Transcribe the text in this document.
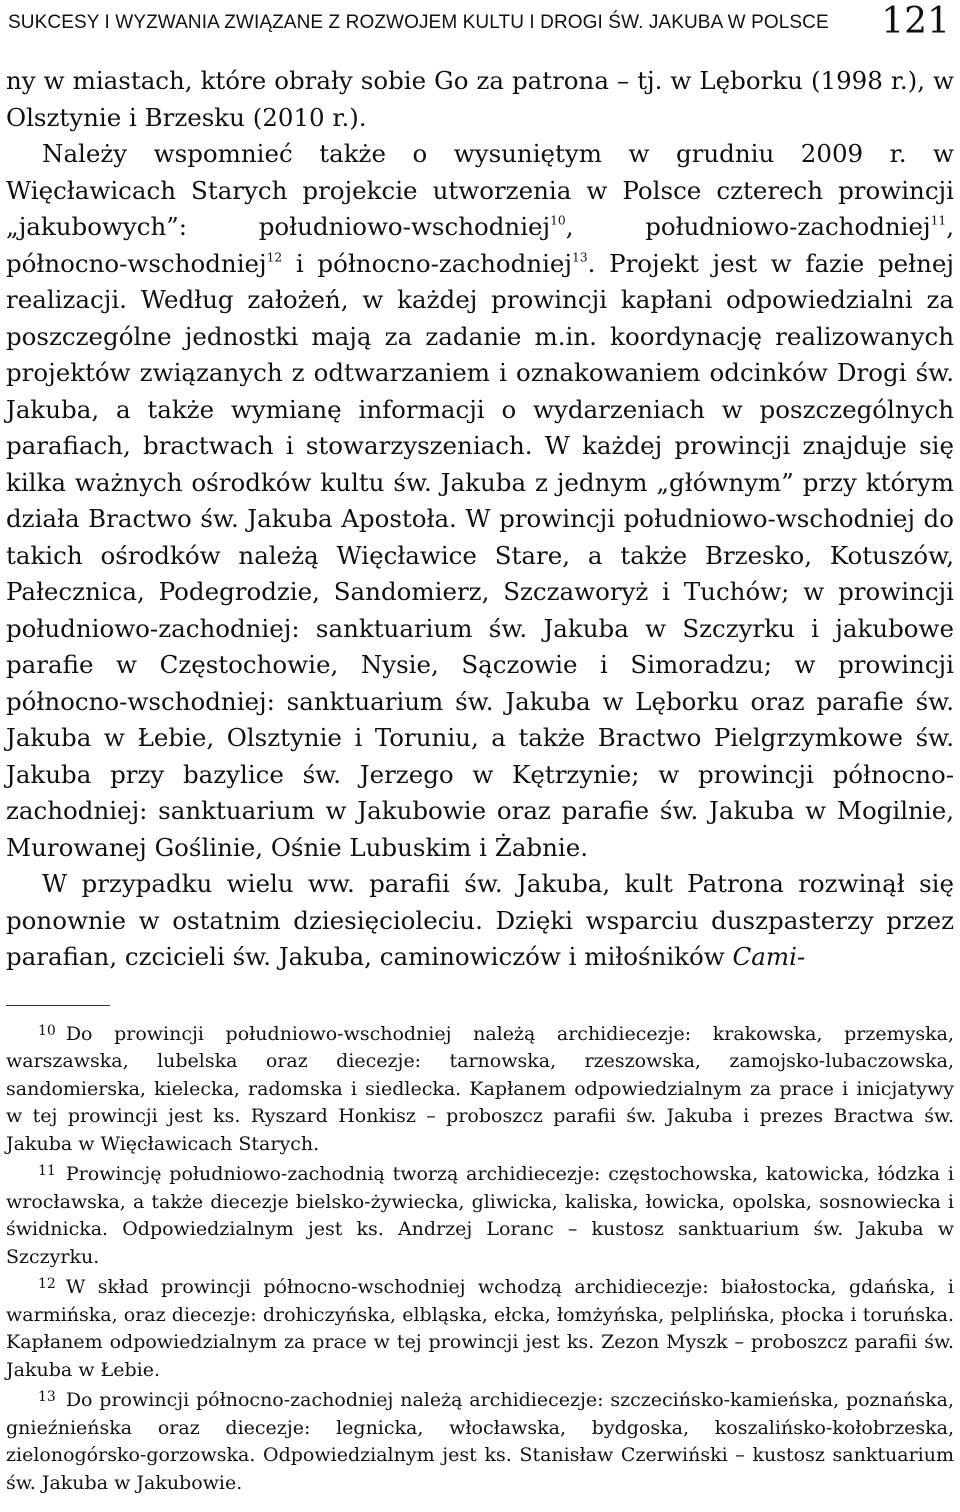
SUKCESY I WYZWANIA ZWIĄZANE Z ROZWOJEM KULTU I DROGI ŚW. JAKUBA W POLSCE 121

ny w miastach, które obrały sobie Go za patrona – tj. w Lęborku (1998 r.), w Olsztynie i Brzesku (2010 r.).

Należy wspomnieć także o wysuniętym w grudniu 2009 r. w Więcławicach Starych projekcie utworzenia w Polsce czterech prowincji „jakubowych”: południowo-wschodniej$^{10}$, południowo-zachodniej$^{11}$, północno-wschodniej$^{12}$ i północno-zachodniej$^{13}$. Projekt jest w fazie pełnej realizacji. Według założeń, w każdej prowincji kapłani odpowiedzialni za poszczególne jednostki mają za zadanie m.in. koordynację realizowanych projektów związanych z odtwarzaniem i oznakowaniem odcinków Drogi św. Jakuba, a także wymianę informacji o wydarzeniach w poszczególnych parafiach, bractwach i stowarzyszeniach. W każdej prowincji znajduje się kilka ważnych ośrodków kultu św. Jakuba z jednym „głównym” przy którym działa Bractwo św. Jakuba Apostoła. W prowincji południowo-wschodniej do takich ośrodków należą Więcławice Stare, a także Brzesko, Kotuszów, Pałecznica, Podegrodzie, Sandomierz, Szczaworyż i Tuchów; w prowincji południowo-zachodniej: sanktuarium św. Jakuba w Szczyrku i jakubowe parafie w Częstochowie, Nysie, Sączowie i Simoradzu; w prowincji północno-wschodniej: sanktuarium św. Jakuba w Lęborku oraz parafie św. Jakuba w Łebie, Olsztynie i Toruniu, a także Bractwo Pielgrzymkowe św. Jakuba przy bazylice św. Jerzego w Kętrzynie; w prowincji północno-zachodniej: sanktuarium w Jakubowie oraz parafie św. Jakuba w Mogilnie, Murowanej Goślinie, Ośnie Lubuskim i Żabnie.

W przypadku wielu ww. parafii św. Jakuba, kult Patrona rozwinął się ponownie w ostatnim dziesięcioleciu. Dzięki wsparciu duszpasterzy przez parafian, czcicieli św. Jakuba, caminowiczów i miłośników Cami-

$^{10}$ Do prowincji południowo-wschodniej należą archidiecezje: krakowska, przemyska, warszawska, lubelska oraz diecezje: tarnowska, rzeszowska, zamojsko-lubaczowska, sandomierska, kielecka, radomska i siedlecka. Kapłanem odpowiedzialnym za prace i inicjatywy w tej prowincji jest ks. Ryszard Honkisz – proboszcz parafii św. Jakuba i prezes Bractwa św. Jakuba w Więcławicach Starych.

$^{11}$ Prowincję południowo-zachodnią tworzą archidiecezje: częstochowska, katowicka, łódzka i wrocławska, a także diecezje bielsko-żywiecka, gliwicka, kaliska, łowicka, opolska, sosnowiecka i świdnicka. Odpowiedzialnym jest ks. Andrzej Loranc – kustosz sanktuarium św. Jakuba w Szczyrku.

$^{12}$ W skład prowincji północno-wschodniej wchodzą archidiecezje: białostocka, gdańska, i warmińska, oraz diecezje: drohiczyńska, elbląska, ełcka, łomżyńska, pelplińska, płocka i toruńska. Kapłanem odpowiedzialnym za prace w tej prowincji jest ks. Zezon Myszk – proboszcz parafii św. Jakuba w Łebie.

$^{13}$ Do prowincji północno-zachodniej należą archidiecezje: szczecińsko-kamieńska, poznańska, gnieźnieńska oraz diecezje: legnicka, włocławska, bydgoska, koszalińsko-kołobrzeska, zielonogórsko-gorzowska. Odpowiedzialnym jest ks. Stanisław Czerwiński – kustosz sanktuarium św. Jakuba w Jakubowie.
